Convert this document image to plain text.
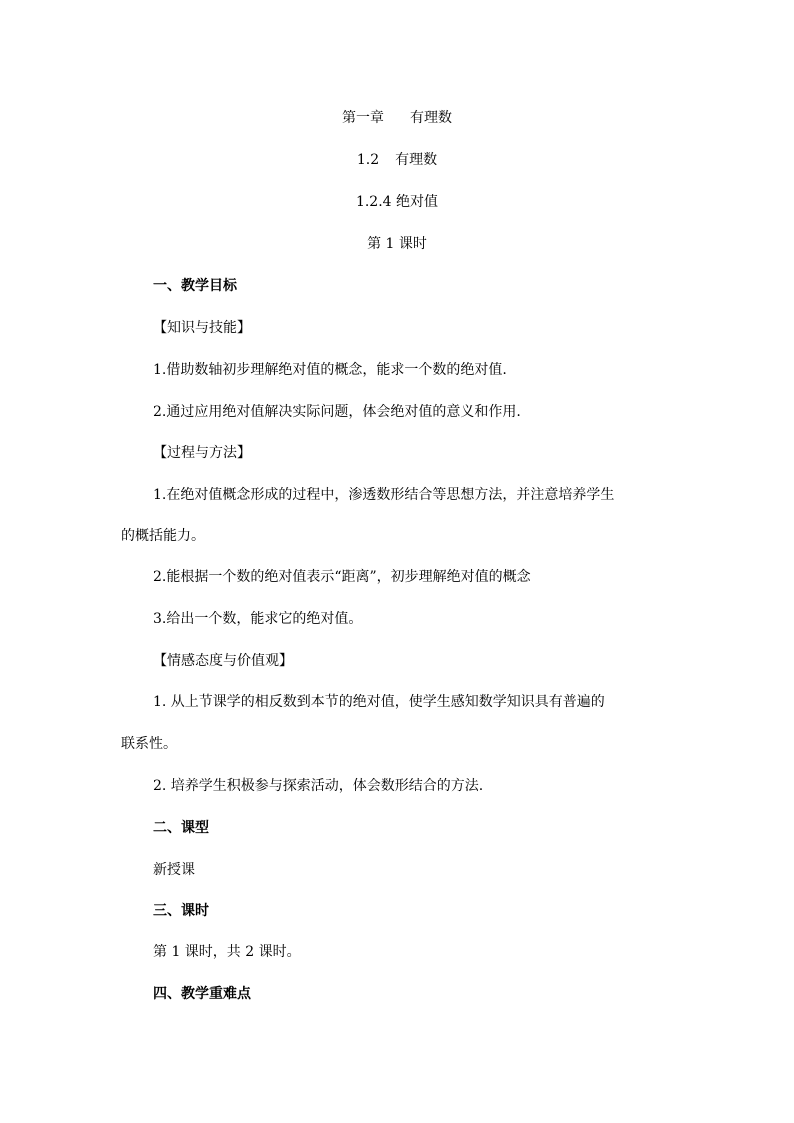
第一章 有理数
1.2 有理数
1.2.4 绝对值
第 1 课时
一、教学目标
【知识与技能】
1.借助数轴初步理解绝对值的概念，能求一个数的绝对值.
2.通过应用绝对值解决实际问题，体会绝对值的意义和作用.
【过程与方法】
1.在绝对值概念形成的过程中，渗透数形结合等思想方法，并注意培养学生
的概括能力。
2.能根据一个数的绝对值表示“距离”，初步理解绝对值的概念
3.给出一个数，能求它的绝对值。
【情感态度与价值观】
1. 从上节课学的相反数到本节的绝对值，使学生感知数学知识具有普遍的
联系性。
2. 培养学生积极参与探索活动，体会数形结合的方法.
二、课型
新授课
三、课时
第 1 课时，共 2 课时。
四、教学重难点
